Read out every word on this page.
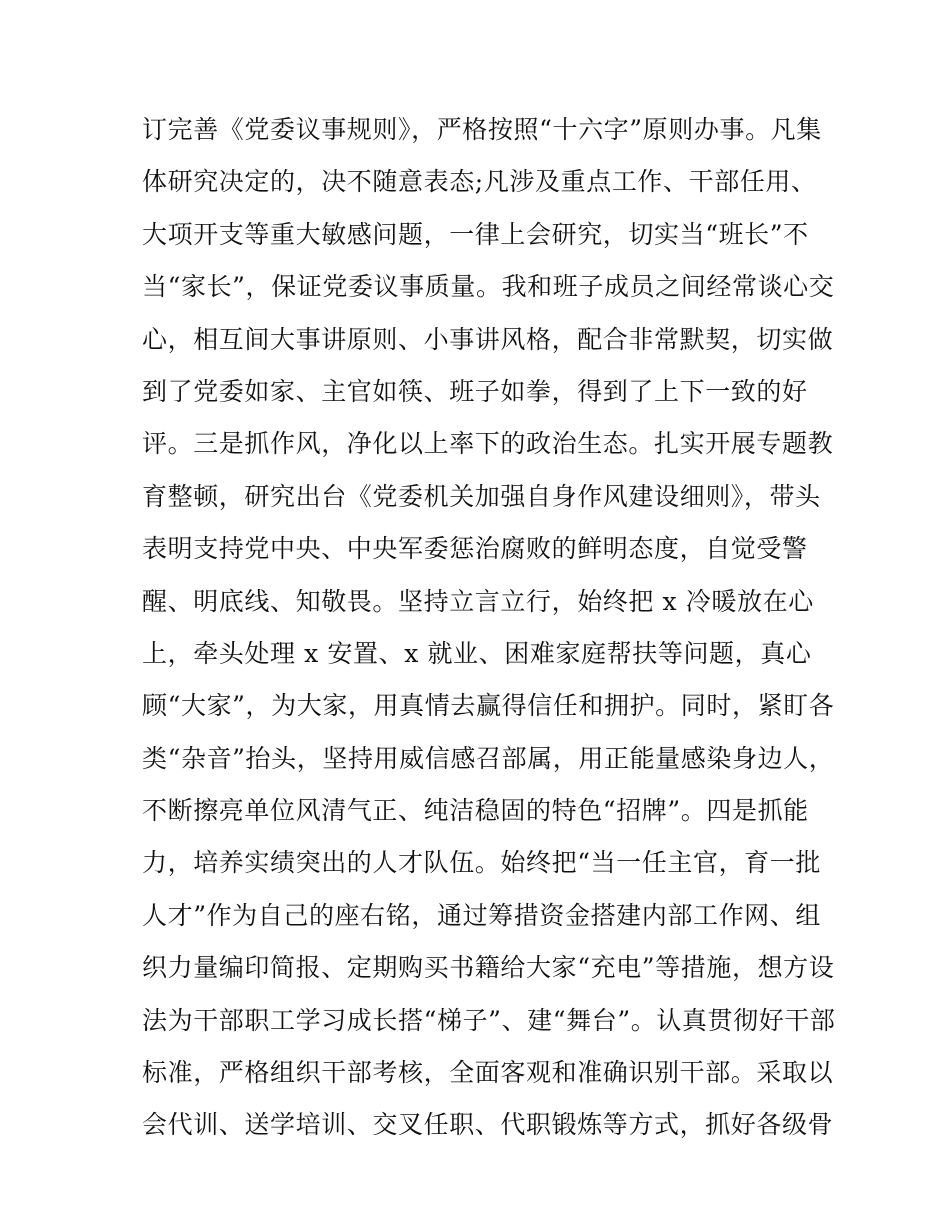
订完善《党委议事规则》，严格按照“十六字”原则办事。凡集
体研究决定的，决不随意表态;凡涉及重点工作、干部任用、
大项开支等重大敏感问题，一律上会研究，切实当“班长”不
当“家长”，保证党委议事质量。我和班子成员之间经常谈心交
心，相互间大事讲原则、小事讲风格，配合非常默契，切实做
到了党委如家、主官如筷、班子如拳，得到了上下一致的好
评。三是抓作风，净化以上率下的政治生态。扎实开展专题教
育整顿，研究出台《党委机关加强自身作风建设细则》，带头
表明支持党中央、中央军委惩治腐败的鲜明态度，自觉受警
醒、明底线、知敬畏。坚持立言立行，始终把 x 冷暖放在心
上，牵头处理 x 安置、x 就业、困难家庭帮扶等问题，真心
顾“大家”，为大家，用真情去赢得信任和拥护。同时，紧盯各
类“杂音”抬头，坚持用威信感召部属，用正能量感染身边人，
不断擦亮单位风清气正、纯洁稳固的特色“招牌”。四是抓能
力，培养实绩突出的人才队伍。始终把“当一任主官，育一批
人才”作为自己的座右铭，通过筹措资金搭建内部工作网、组
织力量编印简报、定期购买书籍给大家“充电”等措施，想方设
法为干部职工学习成长搭“梯子”、建“舞台”。认真贯彻好干部
标准，严格组织干部考核，全面客观和准确识别干部。采取以
会代训、送学培训、交叉任职、代职锻炼等方式，抓好各级骨
